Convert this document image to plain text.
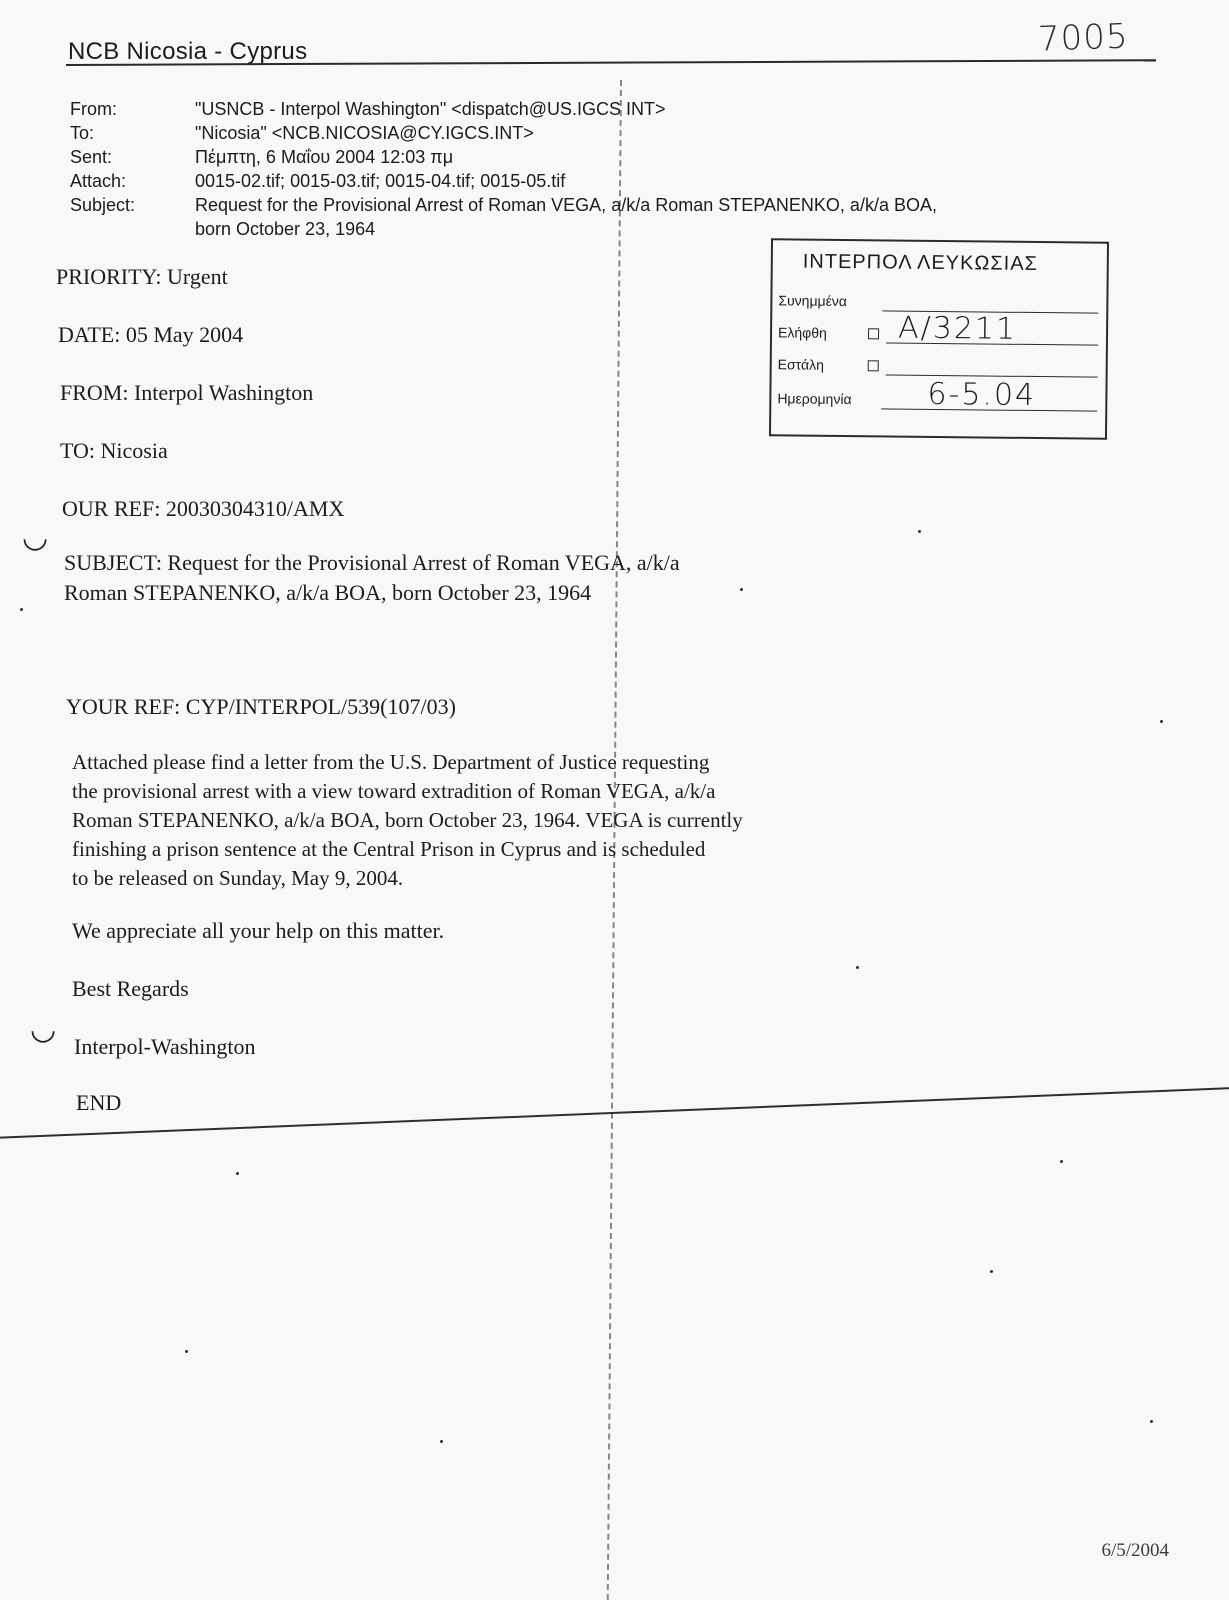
NCB Nicosia - Cyprus	7005
From:	"USNCB - Interpol Washington" <dispatch@US.IGCS INT>
To:	"Nicosia" <NCB.NICOSIA@CY.IGCS.INT>
Sent:	Πέμπτη, 6 Μαΐου 2004 12:03 πμ
Attach:	0015-02.tif; 0015-03.tif; 0015-04.tif; 0015-05.tif
Subject:	Request for the Provisional Arrest of Roman VEGA, a/k/a Roman STEPANENKO, a/k/a BOA,
born October 23, 1964
ΙΝΤΕΡΠΟΛ ΛΕΥΚΩΣΙΑΣ
Συνημμένα
Ελήφθη A/3211
Εστάλη
Ημερομηνία	6-5.04
PRIORITY: Urgent
DATE: 05 May 2004
FROM: Interpol Washington
TO: Nicosia
OUR REF: 20030304310/AMX
SUBJECT: Request for the Provisional Arrest of Roman VEGA, a/k/a
Roman STEPANENKO, a/k/a BOA, born October 23, 1964
YOUR REF: CYP/INTERPOL/539(107/03)
Attached please find a letter from the U.S. Department of Justice requesting
the provisional arrest with a view toward extradition of Roman VEGA, a/k/a
Roman STEPANENKO, a/k/a BOA, born October 23, 1964. VEGA is currently
finishing a prison sentence at the Central Prison in Cyprus and is scheduled
to be released on Sunday, May 9, 2004.
We appreciate all your help on this matter.
Best Regards
Interpol-Washington
END
6/5/2004
◡
◡
